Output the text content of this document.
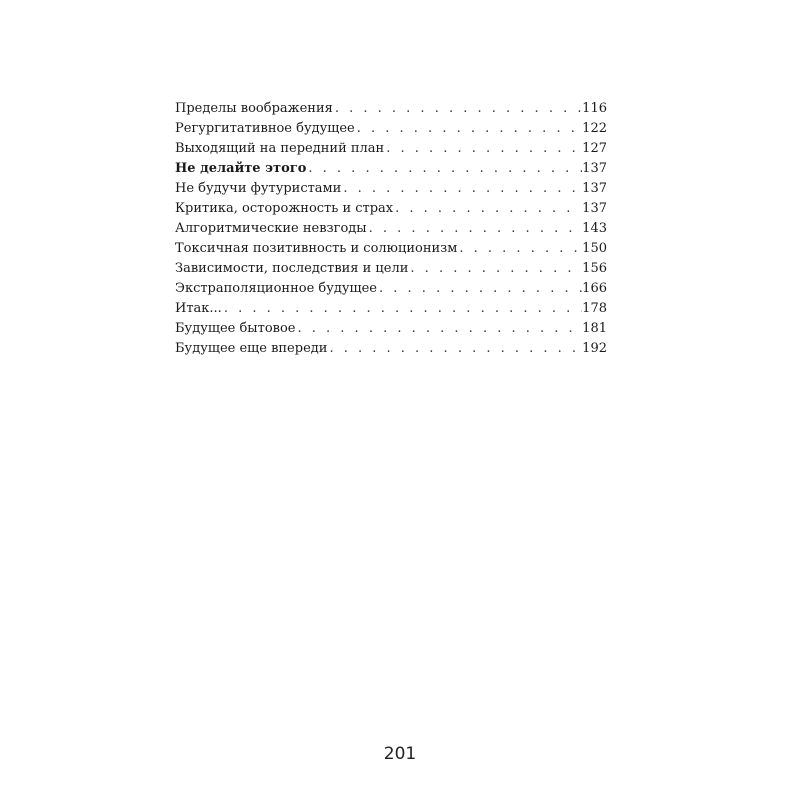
Пределы воображения . . .	116
Регургитативное будущее . . .	122
Выходящий на передний план . . .	127
Не делайте этого . . .	137
Не будучи футуристами . . .	137
Критика, осторожность и страх . . .	137
Алгоритмические невзгоды . . .	143
Токсичная позитивность и солюционизм . . .	150
Зависимости, последствия и цели . . .	156
Экстраполяционное будущее . . .	166
Итак... . . .	178
Будущее бытовое . . .	181
Будущее еще впереди . . .	192
201
